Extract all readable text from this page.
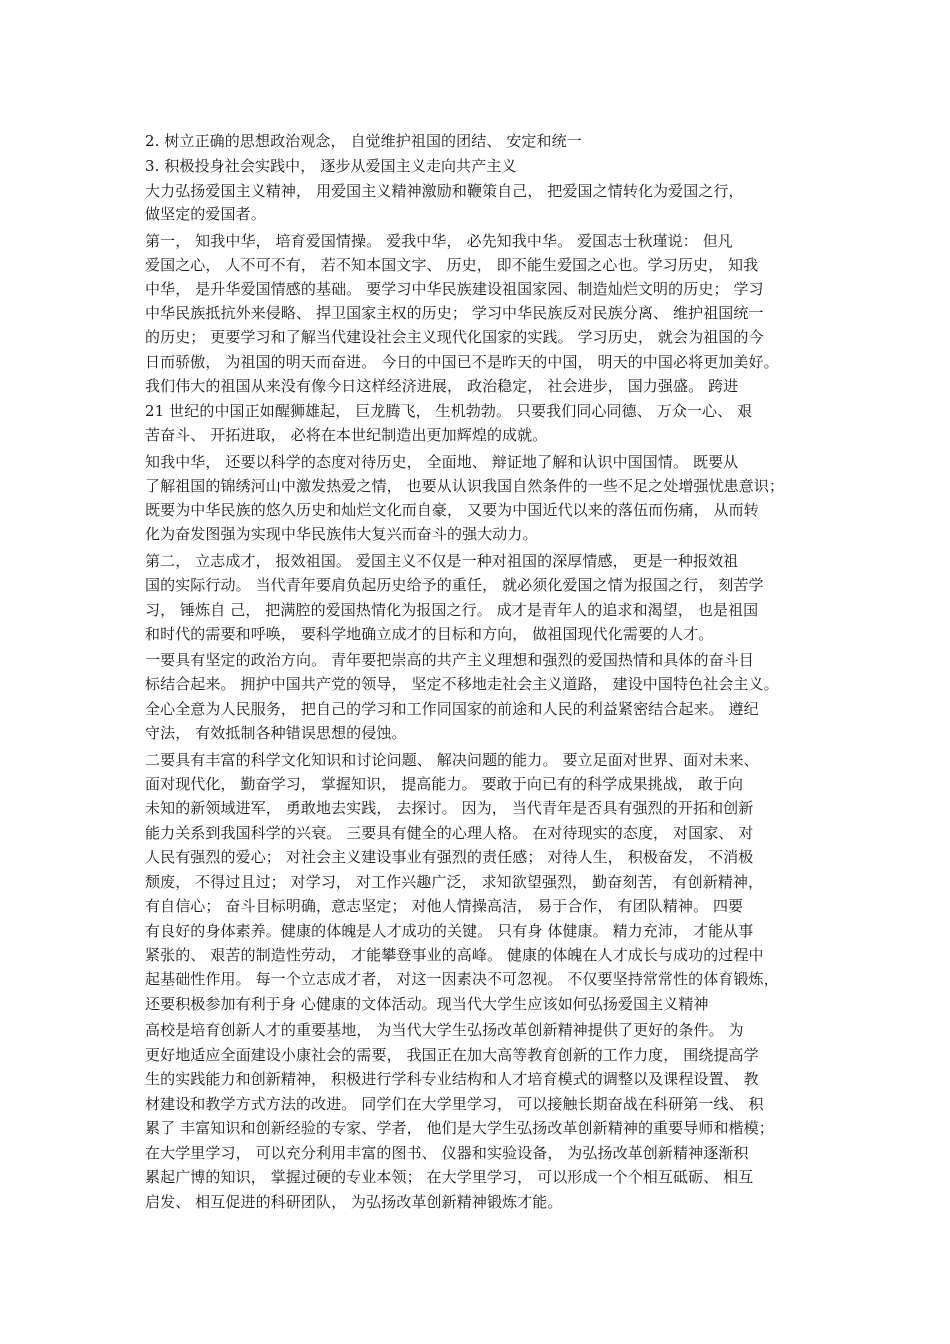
2. 树立正确的思想政治观念， 自觉维护祖国的团结、 安定和统一
3. 积极投身社会实践中， 逐步从爱国主义走向共产主义
大力弘扬爱国主义精神， 用爱国主义精神激励和鞭策自己， 把爱国之情转化为爱国之行，
做坚定的爱国者。
第一， 知我中华， 培育爱国情操。 爱我中华， 必先知我中华。 爱国志士秋瑾说： 但凡
爱国之心， 人不可不有， 若不知本国文字、 历史， 即不能生爱国之心也。学习历史， 知我
中华， 是升华爱国情感的基础。 要学习中华民族建设祖国家园、制造灿烂文明的历史； 学习
中华民族抵抗外来侵略、 捍卫国家主权的历史； 学习中华民族反对民族分离、 维护祖国统一
的历史； 更要学习和了解当代建设社会主义现代化国家的实践。 学习历史， 就会为祖国的今
日而骄傲， 为祖国的明天而奋进。 今日的中国已不是昨天的中国， 明天的中国必将更加美好。
我们伟大的祖国从来没有像今日这样经济进展， 政治稳定， 社会进步， 国力强盛。 跨进
21 世纪的中国正如醒狮雄起， 巨龙腾飞， 生机勃勃。 只要我们同心同德、 万众一心、 艰
苦奋斗、 开拓进取， 必将在本世纪制造出更加辉煌的成就。
知我中华， 还要以科学的态度对待历史， 全面地、 辩证地了解和认识中国国情。 既要从
了解祖国的锦绣河山中激发热爱之情， 也要从认识我国自然条件的一些不足之处增强忧患意识；
既要为中华民族的悠久历史和灿烂文化而自豪， 又要为中国近代以来的落伍而伤痛， 从而转
化为奋发图强为实现中华民族伟大复兴而奋斗的强大动力。
第二， 立志成才， 报效祖国。 爱国主义不仅是一种对祖国的深厚情感， 更是一种报效祖
国的实际行动。 当代青年要肩负起历史给予的重任， 就必须化爱国之情为报国之行， 刻苦学
习， 锤炼自 己， 把满腔的爱国热情化为报国之行。 成才是青年人的追求和渴望， 也是祖国
和时代的需要和呼唤， 要科学地确立成才的目标和方向， 做祖国现代化需要的人才。
一要具有坚定的政治方向。 青年要把崇高的共产主义理想和强烈的爱国热情和具体的奋斗目
标结合起来。 拥护中国共产党的领导， 坚定不移地走社会主义道路， 建设中国特色社会主义。
全心全意为人民服务， 把自己的学习和工作同国家的前途和人民的利益紧密结合起来。 遵纪
守法， 有效抵制各种错误思想的侵蚀。
二要具有丰富的科学文化知识和讨论问题、 解决问题的能力。 要立足面对世界、面对未来、
面对现代化， 勤奋学习， 掌握知识， 提高能力。 要敢于向已有的科学成果挑战， 敢于向
未知的新领域进军， 勇敢地去实践， 去探讨。 因为， 当代青年是否具有强烈的开拓和创新
能力关系到我国科学的兴衰。 三要具有健全的心理人格。 在对待现实的态度， 对国家、 对
人民有强烈的爱心； 对社会主义建设事业有强烈的责任感； 对待人生， 积极奋发， 不消极
颓废， 不得过且过； 对学习， 对工作兴趣广泛， 求知欲望强烈， 勤奋刻苦， 有创新精神，
有自信心； 奋斗目标明确，意志坚定； 对他人情操高洁， 易于合作， 有团队精神。 四要
有良好的身体素养。健康的体魄是人才成功的关键。 只有身 体健康。 精力充沛， 才能从事
紧张的、 艰苦的制造性劳动， 才能攀登事业的高峰。 健康的体魄在人才成长与成功的过程中
起基础性作用。 每一个立志成才者， 对这一因素决不可忽视。 不仅要坚持常常性的体育锻炼，
还要积极参加有利于身 心健康的文体活动。现当代大学生应该如何弘扬爱国主义精神
高校是培育创新人才的重要基地， 为当代大学生弘扬改革创新精神提供了更好的条件。 为
更好地适应全面建设小康社会的需要， 我国正在加大高等教育创新的工作力度， 围绕提高学
生的实践能力和创新精神， 积极进行学科专业结构和人才培育模式的调整以及课程设置、 教
材建设和教学方式方法的改进。 同学们在大学里学习， 可以接触长期奋战在科研第一线、 积
累了 丰富知识和创新经验的专家、学者， 他们是大学生弘扬改革创新精神的重要导师和楷模；
在大学里学习， 可以充分利用丰富的图书、 仪器和实验设备， 为弘扬改革创新精神逐渐积
累起广博的知识， 掌握过硬的专业本领； 在大学里学习， 可以形成一个个相互砥砺、 相互
启发、 相互促进的科研团队， 为弘扬改革创新精神锻炼才能。
